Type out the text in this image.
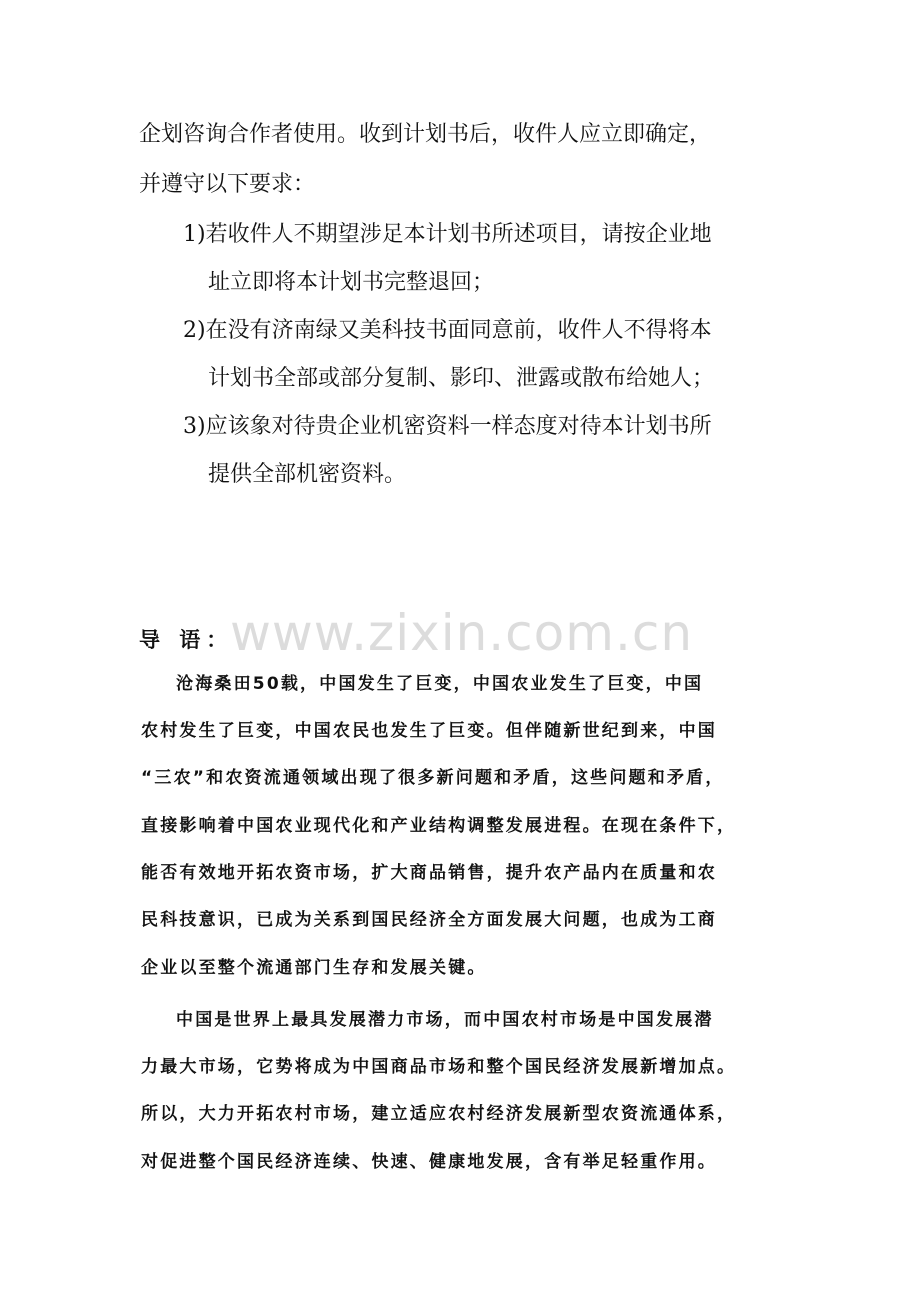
企划咨询合作者使用。收到计划书后，收件人应立即确定，
并遵守以下要求：
1)若收件人不期望涉足本计划书所述项目，请按企业地
址立即将本计划书完整退回；
2)在没有济南绿又美科技书面同意前，收件人不得将本
计划书全部或部分复制、影印、泄露或散布给她人；
3)应该象对待贵企业机密资料一样态度对待本计划书所
提供全部机密资料。
www.zixin.com.cn
导 语：
沧海桑田50载，中国发生了巨变，中国农业发生了巨变，中国
农村发生了巨变，中国农民也发生了巨变。但伴随新世纪到来，中国
“三农”和农资流通领域出现了很多新问题和矛盾，这些问题和矛盾，
直接影响着中国农业现代化和产业结构调整发展进程。在现在条件下，
能否有效地开拓农资市场，扩大商品销售，提升农产品内在质量和农
民科技意识，已成为关系到国民经济全方面发展大问题，也成为工商
企业以至整个流通部门生存和发展关键。
中国是世界上最具发展潜力市场，而中国农村市场是中国发展潜
力最大市场，它势将成为中国商品市场和整个国民经济发展新增加点。
所以，大力开拓农村市场，建立适应农村经济发展新型农资流通体系，
对促进整个国民经济连续、快速、健康地发展，含有举足轻重作用。
